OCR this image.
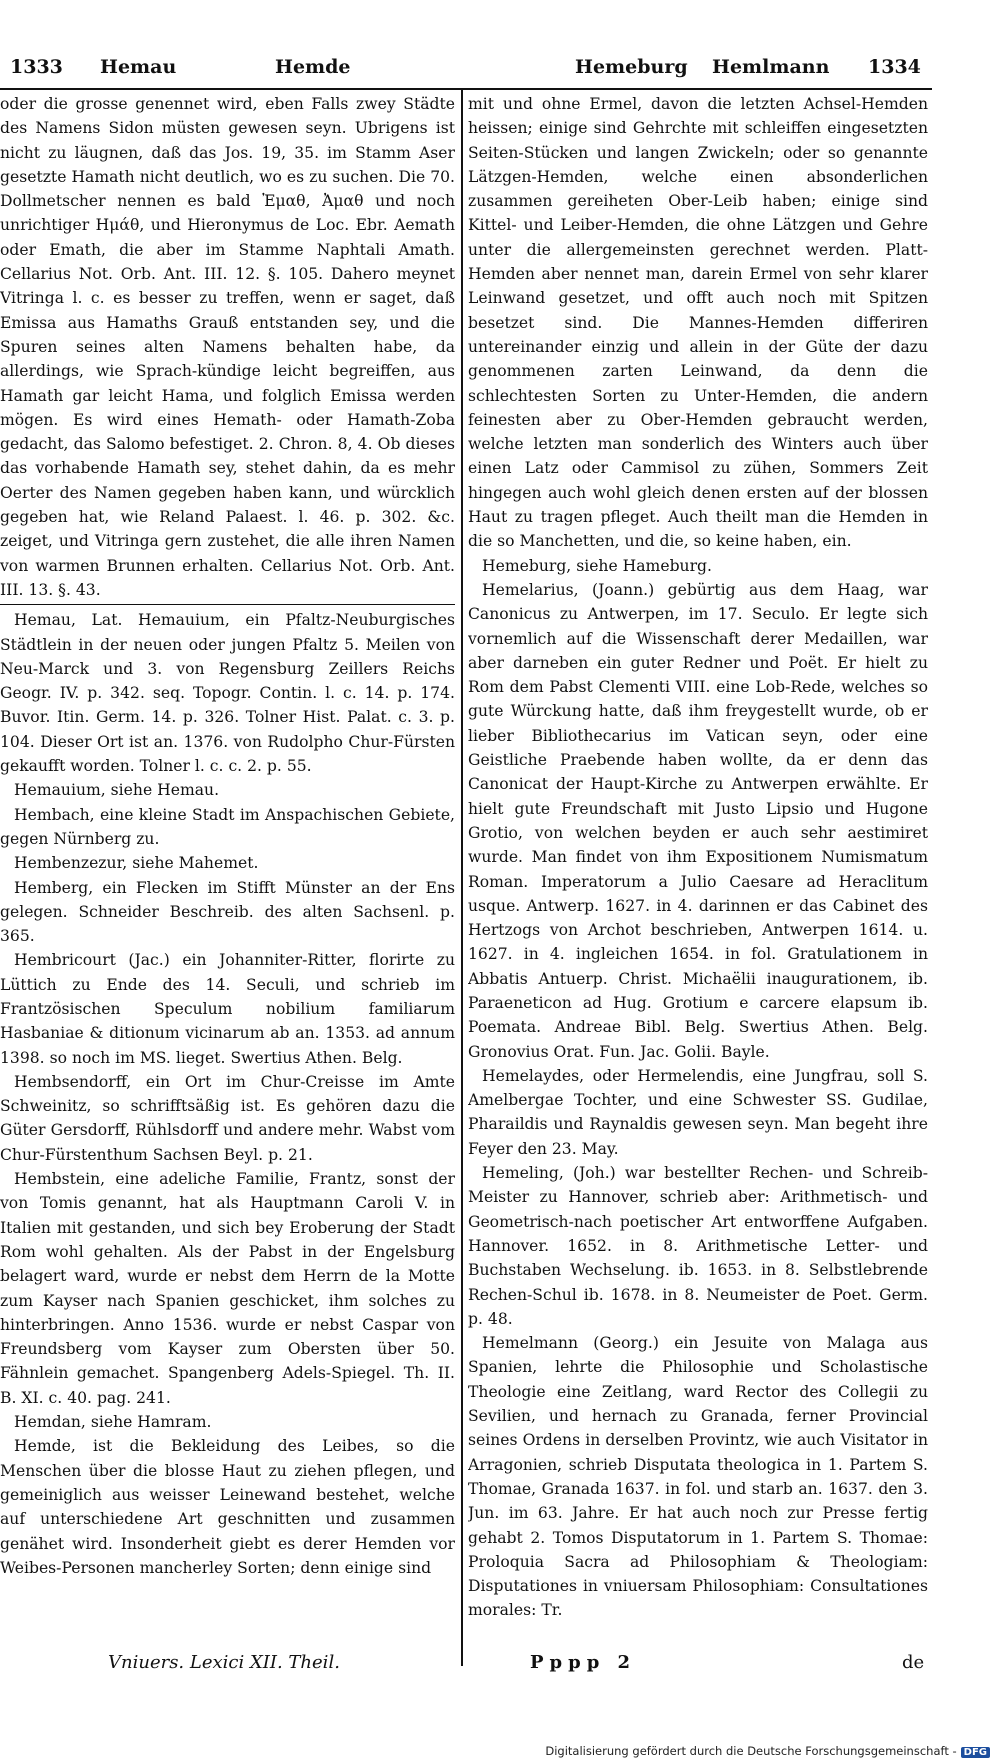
1333 Hemau	Hemde	Hemeburg Hemlmann 1334

oder die grosse genennet wird, eben Falls zwey Städte des Namens Sidon müsten gewesen seyn. Ubrigens ist nicht zu läugnen, daß das Jos. 19, 35. im Stamm Aser gesetzte Hamath nicht deutlich, wo es zu suchen. Die 70. Dollmetscher nennen es bald Ἐμαθ, Ἀμαθ und noch unrichtiger Ημάθ, und Hieronymus de Loc. Ebr. Aemath oder Emath, die aber im Stamme Naphtali Amath. Cellarius Not. Orb. Ant. III. 12. §. 105. Dahero meynet Vitringa l. c. es besser zu treffen, wenn er saget, daß Emissa aus Hamaths Grauß entstanden sey, und die Spuren seines alten Namens behalten habe, da allerdings, wie Sprach-kündige leicht begreiffen, aus Hamath gar leicht Hama, und folglich Emissa werden mögen. Es wird eines Hemath- oder Hamath-Zoba gedacht, das Salomo befestiget. 2. Chron. 8, 4. Ob dieses das vorhabende Hamath sey, stehet dahin, da es mehr Oerter des Namen gegeben haben kann, und würcklich gegeben hat, wie Reland Palaest. l. 46. p. 302. &c. zeiget, und Vitringa gern zustehet, die alle ihren Namen von warmen Brunnen erhalten. Cellarius Not. Orb. Ant. III. 13. §. 43.

Hemau, Lat. Hemauium, ein Pfaltz-Neuburgisches Städtlein in der neuen oder jungen Pfaltz 5. Meilen von Neu-Marck und 3. von Regensburg Zeillers Reichs Geogr. IV. p. 342. seq. Topogr. Contin. l. c. 14. p. 174. Buvor. Itin. Germ. 14. p. 326. Tolner Hist. Palat. c. 3. p. 104. Dieser Ort ist an. 1376. von Rudolpho Chur-Fürsten gekaufft worden. Tolner l. c. c. 2. p. 55.

Hemauium, siehe Hemau.

Hembach, eine kleine Stadt im Anspachischen Gebiete, gegen Nürnberg zu.

Hembenzezur, siehe Mahemet.

Hemberg, ein Flecken im Stifft Münster an der Ens gelegen. Schneider Beschreib. des alten Sachsenl. p. 365.

Hembricourt (Jac.) ein Johanniter-Ritter, florirte zu Lüttich zu Ende des 14. Seculi, und schrieb im Frantzösischen Speculum nobilium familiarum Hasbaniae & ditionum vicinarum ab an. 1353. ad annum 1398. so noch im MS. lieget. Swertius Athen. Belg.

Hembsendorff, ein Ort im Chur-Creisse im Amte Schweinitz, so schrifftsäßig ist. Es gehören dazu die Güter Gersdorff, Rühlsdorff und andere mehr. Wabst vom Chur-Fürstenthum Sachsen Beyl. p. 21.

Hembstein, eine adeliche Familie, Frantz, sonst der von Tomis genannt, hat als Hauptmann Caroli V. in Italien mit gestanden, und sich bey Eroberung der Stadt Rom wohl gehalten. Als der Pabst in der Engelsburg belagert ward, wurde er nebst dem Herrn de la Motte zum Kayser nach Spanien geschicket, ihm solches zu hinterbringen. Anno 1536. wurde er nebst Caspar von Freundsberg vom Kayser zum Obersten über 50. Fähnlein gemachet. Spangenberg Adels-Spiegel. Th. II. B. XI. c. 40. pag. 241.

Hemdan, siehe Hamram.

Hemde, ist die Bekleidung des Leibes, so die Menschen über die blosse Haut zu ziehen pflegen, und gemeiniglich aus weisser Leinewand bestehet, welche auf unterschiedene Art geschnitten und zusammen genähet wird. Insonderheit giebt es derer Hemden vor Weibes-Personen mancherley Sorten; denn einige sind

mit und ohne Ermel, davon die letzten Achsel-Hemden heissen; einige sind Gehrchte mit schleiffen eingesetzten Seiten-Stücken und langen Zwickeln; oder so genannte Lätzgen-Hemden, welche einen absonderlichen zusammen gereiheten Ober-Leib haben; einige sind Kittel- und Leiber-Hemden, die ohne Lätzgen und Gehre unter die allergemeinsten gerechnet werden. Platt-Hemden aber nennet man, darein Ermel von sehr klarer Leinwand gesetzet, und offt auch noch mit Spitzen besetzet sind. Die Mannes-Hemden differiren untereinander einzig und allein in der Güte der dazu genommenen zarten Leinwand, da denn die schlechtesten Sorten zu Unter-Hemden, die andern feinesten aber zu Ober-Hemden gebraucht werden, welche letzten man sonderlich des Winters auch über einen Latz oder Cammisol zu zühen, Sommers Zeit hingegen auch wohl gleich denen ersten auf der blossen Haut zu tragen pfleget. Auch theilt man die Hemden in die so Manchetten, und die, so keine haben, ein.

Hemeburg, siehe Hameburg.

Hemelarius, (Joann.) gebürtig aus dem Haag, war Canonicus zu Antwerpen, im 17. Seculo. Er legte sich vornemlich auf die Wissenschaft derer Medaillen, war aber darneben ein guter Redner und Poët. Er hielt zu Rom dem Pabst Clementi VIII. eine Lob-Rede, welches so gute Würckung hatte, daß ihm freygestellt wurde, ob er lieber Bibliothecarius im Vatican seyn, oder eine Geistliche Praebende haben wollte, da er denn das Canonicat der Haupt-Kirche zu Antwerpen erwählte. Er hielt gute Freundschaft mit Justo Lipsio und Hugone Grotio, von welchen beyden er auch sehr aestimiret wurde. Man findet von ihm Expositionem Numismatum Roman. Imperatorum a Julio Caesare ad Heraclitum usque. Antwerp. 1627. in 4. darinnen er das Cabinet des Hertzogs von Archot beschrieben, Antwerpen 1614. u. 1627. in 4. ingleichen 1654. in fol. Gratulationem in Abbatis Antuerp. Christ. Michaëlii inaugurationem, ib. Paraeneticon ad Hug. Grotium e carcere elapsum ib. Poemata. Andreae Bibl. Belg. Swertius Athen. Belg. Gronovius Orat. Fun. Jac. Golii. Bayle.

Hemelaydes, oder Hermelendis, eine Jungfrau, soll S. Amelbergae Tochter, und eine Schwester SS. Gudilae, Pharaildis und Raynaldis gewesen seyn. Man begeht ihre Feyer den 23. May.

Hemeling, (Joh.) war bestellter Rechen- und Schreib-Meister zu Hannover, schrieb aber: Arithmetisch- und Geometrisch-nach poetischer Art entworffene Aufgaben. Hannover. 1652. in 8. Arithmetische Letter- und Buchstaben Wechselung. ib. 1653. in 8. Selbstlebrende Rechen-Schul ib. 1678. in 8. Neumeister de Poet. Germ. p. 48.

Hemelmann (Georg.) ein Jesuite von Malaga aus Spanien, lehrte die Philosophie und Scholastische Theologie eine Zeitlang, ward Rector des Collegii zu Sevilien, und hernach zu Granada, ferner Provincial seines Ordens in derselben Provintz, wie auch Visitator in Arragonien, schrieb Disputata theologica in 1. Partem S. Thomae, Granada 1637. in fol. und starb an. 1637. den 3. Jun. im 63. Jahre. Er hat auch noch zur Presse fertig gehabt 2. Tomos Disputatorum in 1. Partem S. Thomae: Proloquia Sacra ad Philosophiam & Theologiam: Disputationes in vniuersam Philosophiam: Consultationes morales: Tr.

Vniuers. Lexici XII. Theil.	Pppp 2	de
Digitalisierung gefördert durch die Deutsche Forschungsgemeinschaft - DFG
